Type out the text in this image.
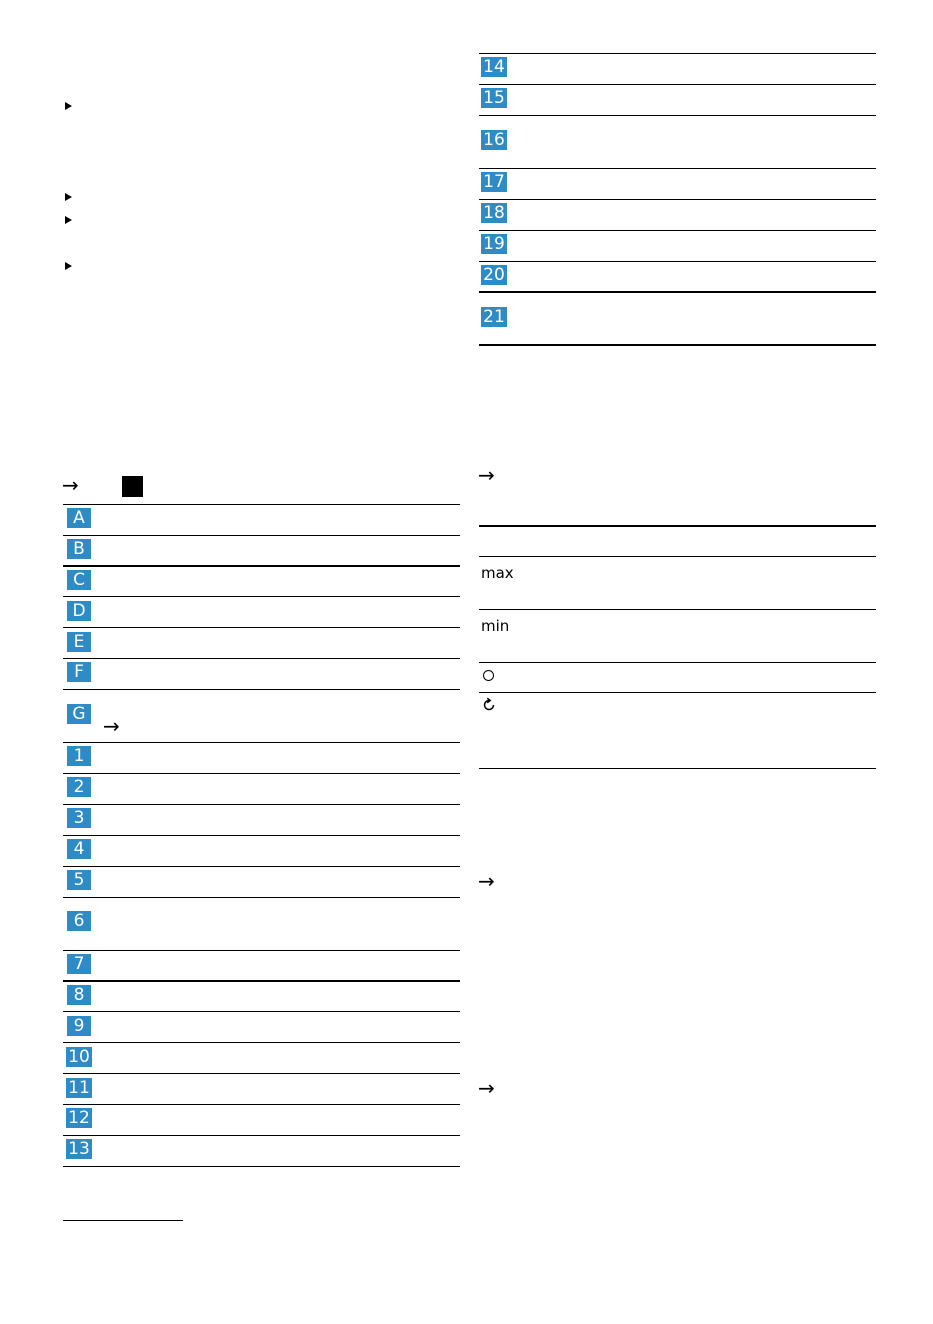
→
A
B
C
D
E
F
G →
1
2
3
4
5
6
7
8
9
10
11
12
13
14
15
16
17
18
19
20
21
→
max
min
→
→
